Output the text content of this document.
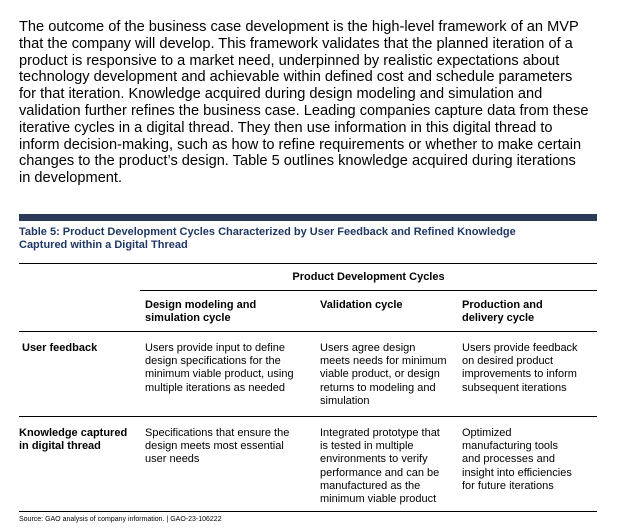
The outcome of the business case development is the high-level framework of an MVP
that the company will develop. This framework validates that the planned iteration of a
product is responsive to a market need, underpinned by realistic expectations about
technology development and achievable within defined cost and schedule parameters
for that iteration. Knowledge acquired during design modeling and simulation and
validation further refines the business case. Leading companies capture data from these
iterative cycles in a digital thread. They then use information in this digital thread to
inform decision-making, such as how to refine requirements or whether to make certain
changes to the product’s design. Table 5 outlines knowledge acquired during iterations
in development.

Table 5: Product Development Cycles Characterized by User Feedback and Refined Knowledge
Captured within a Digital Thread

Product Development Cycles
Design modeling and
simulation cycle
Validation cycle	Production and
delivery cycle
User feedback	Users provide input to define
design specifications for the
minimum viable product, using
multiple iterations as needed
Users agree design
meets needs for minimum
viable product, or design
returns to modeling and
simulation
Users provide feedback
on desired product
improvements to inform
subsequent iterations
Knowledge captured
in digital thread
Specifications that ensure the
design meets most essential
user needs
Integrated prototype that
is tested in multiple
environments to verify
performance and can be
manufactured as the
minimum viable product
Optimized
manufacturing tools
and processes and
insight into efficiencies
for future iterations
Source: GAO analysis of company information. | GAO-23-106222
